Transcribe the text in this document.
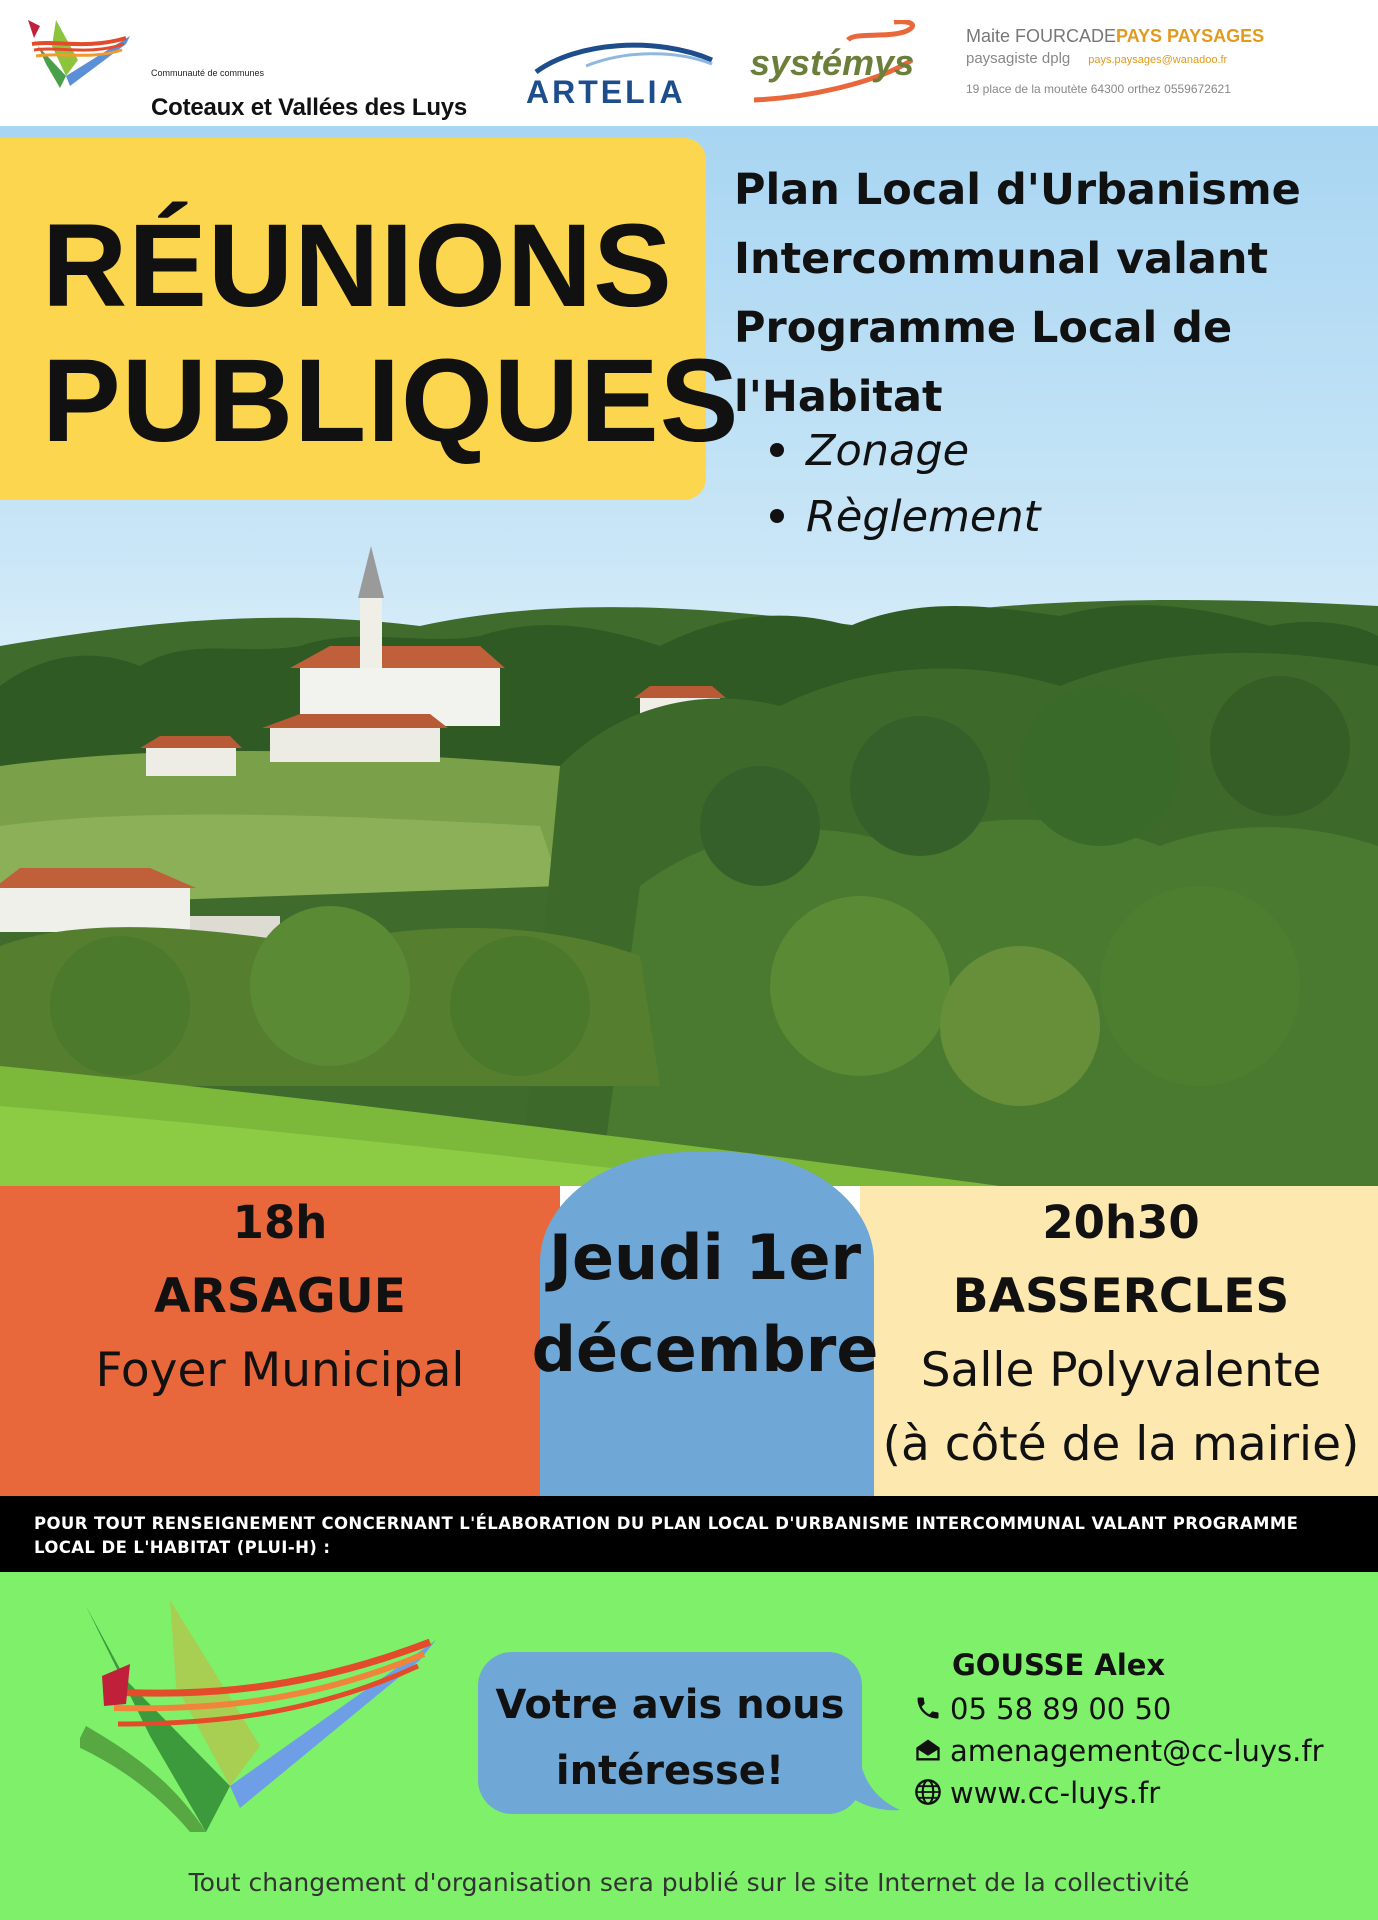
Communauté de communes
Coteaux et Vallées des Luys ARTELIA
systémys
Maite FOURCADEPAYS PAYSAGES
paysagiste dplg pays.paysages@wanadoo.fr
19 place de la moutète 64300 orthez 0559672621
RÉUNIONS
PUBLIQUES
Plan Local d'Urbanisme
Intercommunal valant
Programme Local de
l'Habitat
Zonage
Règlement
18h
ARSAGUE
Foyer Municipal
Jeudi 1er
décembre
20h30
BASSERCLES
Salle Polyvalente
(à côté de la mairie)
POUR TOUT RENSEIGNEMENT CONCERNANT L'ÉLABORATION DU PLAN LOCAL D'URBANISME INTERCOMMUNAL VALANT PROGRAMME
LOCAL DE L'HABITAT (PLUI-H) :
Votre avis nous
intéresse!
GOUSSE Alex
05 58 89 00 50
amenagement@cc-luys.fr
www.cc-luys.fr
Tout changement d'organisation sera publié sur le site Internet de la collectivité
